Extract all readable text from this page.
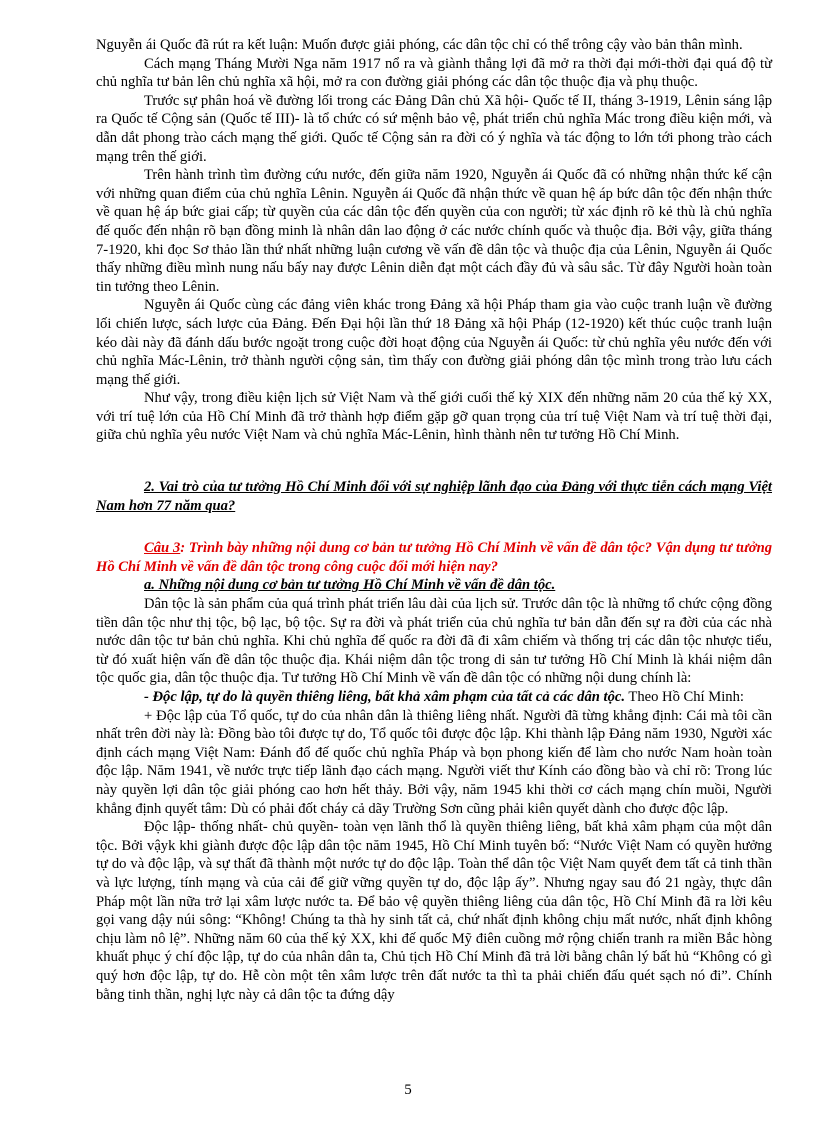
Nguyễn ái Quốc đã rút ra kết luận: Muốn được giải phóng, các dân tộc chỉ có thể trông cậy vào bản thân mình.

Cách mạng Tháng Mười Nga năm 1917 nổ ra và giành thắng lợi đã mở ra thời đại mới-thời đại quá độ từ chủ nghĩa tư bản lên chủ nghĩa xã hội, mở ra con đường giải phóng các dân tộc thuộc địa và phụ thuộc.

Trước sự phân hoá về đường lối trong các Đảng Dân chủ Xã hội- Quốc tế II, tháng 3-1919, Lênin sáng lập ra Quốc tế Cộng sản (Quốc tế III)- là tổ chức có sứ mệnh bảo vệ, phát triển chủ nghĩa Mác trong điều kiện mới, và dẫn dắt phong trào cách mạng thế giới. Quốc tế Cộng sản ra đời có ý nghĩa và tác động to lớn tới phong trào cách mạng trên thế giới.

Trên hành trình tìm đường cứu nước, đến giữa năm 1920, Nguyễn ái Quốc đã có những nhận thức kế cận với những quan điểm của chủ nghĩa Lênin. Nguyễn ái Quốc đã nhận thức về quan hệ áp bức dân tộc đến nhận thức về quan hệ áp bức giai cấp; từ quyền của các dân tộc đến quyền của con người; từ xác định rõ kẻ thù là chủ nghĩa đế quốc đến nhận rõ bạn đồng minh là nhân dân lao động ở các nước chính quốc và thuộc địa. Bởi vậy, giữa tháng 7-1920, khi đọc Sơ thảo lần thứ nhất những luận cương về vấn đề dân tộc và thuộc địa của Lênin, Nguyễn ái Quốc thấy những điều mình nung nấu bấy nay được Lênin diễn đạt một cách đầy đủ và sâu sắc. Từ đây Người hoàn toàn tin tưởng theo Lênin.

Nguyễn ái Quốc cùng các đảng viên khác trong Đảng xã hội Pháp tham gia vào cuộc tranh luận về đường lối chiến lược, sách lược của Đảng. Đến Đại hội lần thứ 18 Đảng xã hội Pháp (12-1920) kết thúc cuộc tranh luận kéo dài này đã đánh dấu bước ngoặt trong cuộc đời hoạt động của Nguyễn ái Quốc: từ chủ nghĩa yêu nước đến với chủ nghĩa Mác-Lênin, trở thành người cộng sản, tìm thấy con đường giải phóng dân tộc mình trong trào lưu cách mạng thế giới.

Như vậy, trong điều kiện lịch sử Việt Nam và thế giới cuối thế kỷ XIX đến những năm 20 của thế kỷ XX, với trí tuệ lớn của Hồ Chí Minh đã trở thành hợp điểm gặp gỡ quan trọng của trí tuệ Việt Nam và trí tuệ thời đại, giữa chủ nghĩa yêu nước Việt Nam và chủ nghĩa Mác-Lênin, hình thành nên tư tưởng Hồ Chí Minh.

2. Vai trò của tư tưởng Hồ Chí Minh đối với sự nghiệp lãnh đạo của Đảng với thực tiễn cách mạng Việt Nam hơn 77 năm qua?

Câu 3: Trình bày những nội dung cơ bản tư tưởng Hồ Chí Minh về vấn đề dân tộc? Vận dụng tư tưởng Hồ Chí Minh về vấn đề dân tộc trong công cuộc đổi mới hiện nay?

a. Những nội dung cơ bản tư tưởng Hồ Chí Minh về vấn đề dân tộc.

Dân tộc là sản phẩm của quá trình phát triển lâu dài của lịch sử. Trước dân tộc là những tổ chức cộng đồng tiền dân tộc như thị tộc, bộ lạc, bộ tộc. Sự ra đời và phát triển của chủ nghĩa tư bản dẫn đến sự ra đời của các nhà nước dân tộc tư bản chủ nghĩa. Khi chủ nghĩa đế quốc ra đời đã đi xâm chiếm và thống trị các dân tộc nhược tiểu, từ đó xuất hiện vấn đề dân tộc thuộc địa. Khái niệm dân tộc trong di sản tư tưởng Hồ Chí Minh là khái niệm dân tộc quốc gia, dân tộc thuộc địa. Tư tưởng Hồ Chí Minh về vấn đề dân tộc có những nội dung chính là:

- Độc lập, tự do là quyền thiêng liêng, bất khả xâm phạm của tất cả các dân tộc. Theo Hồ Chí Minh:

+ Độc lập của Tổ quốc, tự do của nhân dân là thiêng liêng nhất. Người đã từng khẳng định: Cái mà tôi cần nhất trên đời này là: Đồng bào tôi được tự do, Tổ quốc tôi được độc lập. Khi thành lập Đảng năm 1930, Người xác định cách mạng Việt Nam: Đánh đổ đế quốc chủ nghĩa Pháp và bọn phong kiến để làm cho nước Nam hoàn toàn độc lập. Năm 1941, về nước trực tiếp lãnh đạo cách mạng. Người viết thư Kính cáo đồng bào và chỉ rõ: Trong lúc này quyền lợi dân tộc giải phóng cao hơn hết thảy. Bởi vậy, năm 1945 khi thời cơ cách mạng chín muồi, Người khẳng định quyết tâm: Dù có phải đốt cháy cả dãy Trường Sơn cũng phải kiên quyết dành cho được độc lập.

Độc lập- thống nhất- chủ quyền- toàn vẹn lãnh thổ là quyền thiêng liêng, bất khả xâm phạm của một dân tộc. Bởi vậyk khi giành được độc lập dân tộc năm 1945, Hồ Chí Minh tuyên bố: “Nước Việt Nam có quyền hưởng tự do và độc lập, và sự thất đã thành một nước tự do độc lập. Toàn thể dân tộc Việt Nam quyết đem tất cả tinh thần và lực lượng, tính mạng và của cải để giữ vững quyền tự do, độc lập ấy”. Nhưng ngay sau đó 21 ngày, thực dân Pháp một lần nữa trở lại xâm lược nước ta. Để bảo vệ quyền thiêng liêng của dân tộc, Hồ Chí Minh đã ra lời kêu gọi vang dậy núi sông: “Không! Chúng ta thà hy sinh tất cả, chứ nhất định không chịu mất nước, nhất định không chịu làm nô lệ”. Những năm 60 của thế kỷ XX, khi đế quốc Mỹ điên cuồng mở rộng chiến tranh ra miền Bắc hòng khuất phục ý chí độc lập, tự do của nhân dân ta, Chủ tịch Hồ Chí Minh đã trả lời bằng chân lý bất hủ “Không có gì quý hơn độc lập, tự do. Hễ còn một tên xâm lược trên đất nước ta thì ta phải chiến đấu quét sạch nó đi”. Chính bằng tinh thần, nghị lực này cả dân tộc ta đứng dậy

5
